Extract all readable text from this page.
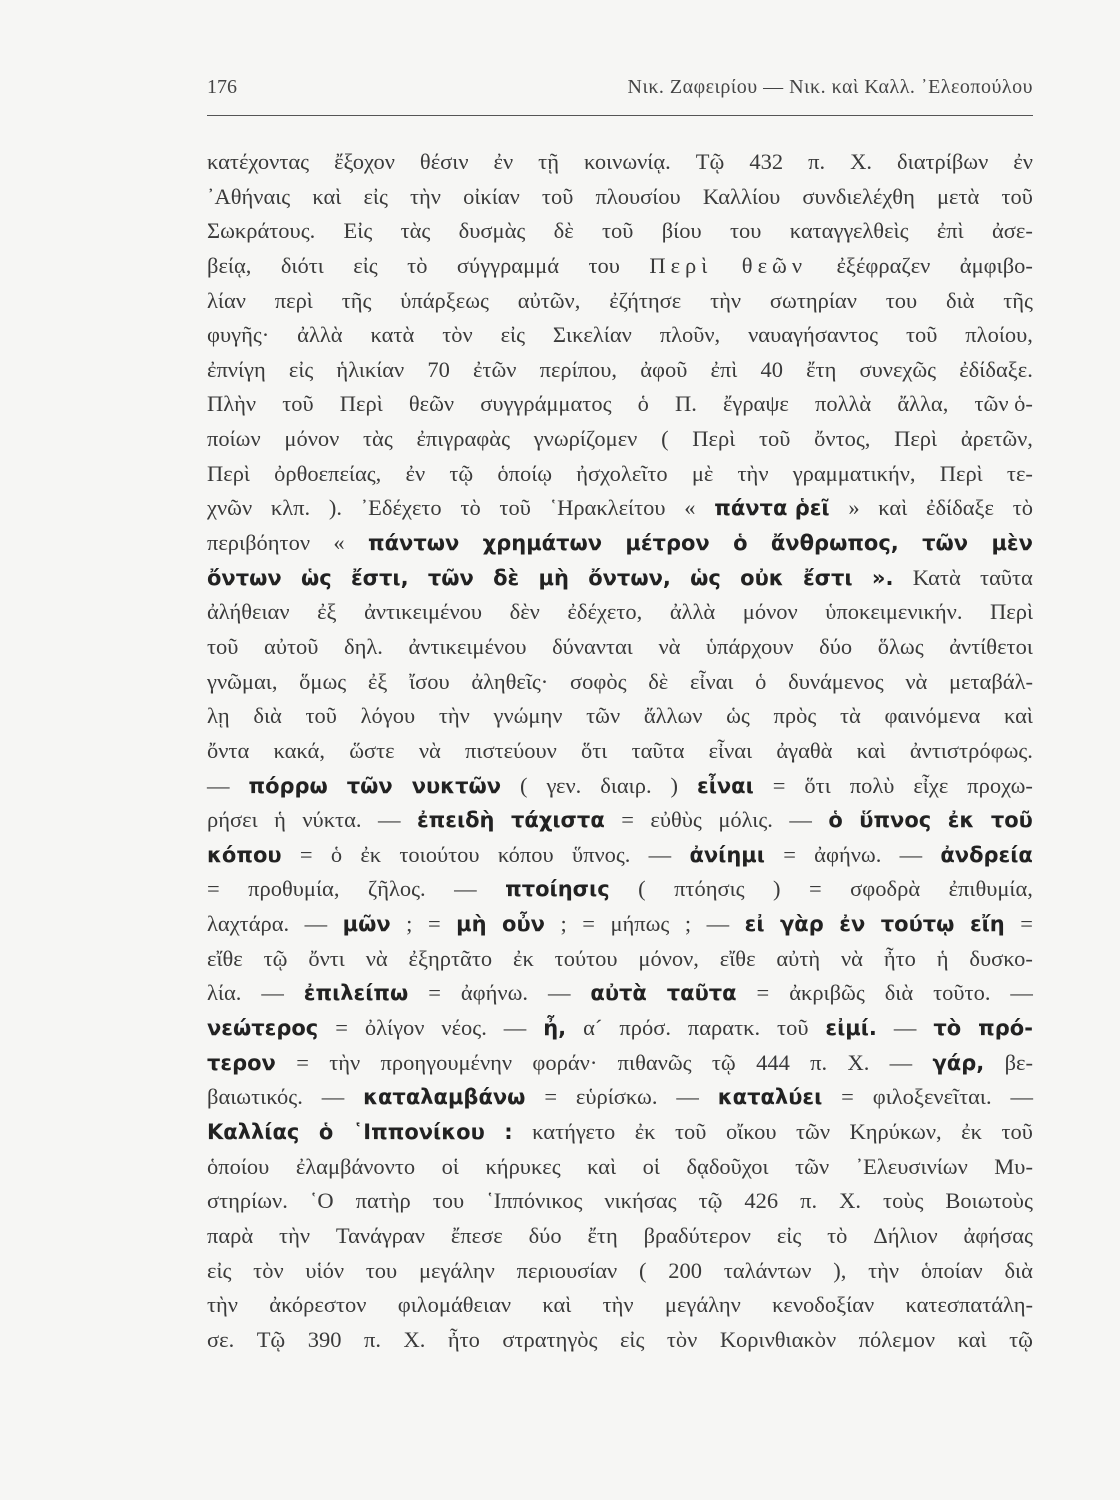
176	Νικ. Ζαφειρίου — Νικ. καὶ Καλλ. ᾿Ελεοπούλου
κατέχοντας ἔξοχον θέσιν ἐν τῇ κοινωνίᾳ. Τῷ 432 π. Χ. διατρίβων ἐν
᾿Αθήναις καὶ εἰς τὴν οἰκίαν τοῦ πλουσίου Καλλίου συνδιελέχθη μετὰ τοῦ
Σωκράτους. Εἰς τὰς δυσμὰς δὲ τοῦ βίου του καταγγελθεὶς ἐπὶ ἀσε-
βείᾳ, διότι εἰς τὸ σύγγραμμά του Περὶ θεῶν ἐξέφραζεν ἀμφιβο-
λίαν περὶ τῆς ὑπάρξεως αὐτῶν, ἐζήτησε τὴν σωτηρίαν του διὰ τῆς
φυγῆς· ἀλλὰ κατὰ τὸν εἰς Σικελίαν πλοῦν, ναυαγήσαντος τοῦ πλοίου,
ἐπνίγη εἰς ἡλικίαν 70 ἐτῶν περίπου, ἀφοῦ ἐπὶ 40 ἔτη συνεχῶς ἐδίδαξε.
Πλὴν τοῦ Περὶ θεῶν συγγράμματος ὁ Π. ἔγραψε πολλὰ ἄλλα, τῶν ὁ-
ποίων μόνον τὰς ἐπιγραφὰς γνωρίζομεν ( Περὶ τοῦ ὄντος, Περὶ ἀρετῶν,
Περὶ ὀρθοεπείας, ἐν τῷ ὁποίῳ ἠσχολεῖτο μὲ τὴν γραμματικήν, Περὶ τε-
χνῶν κλπ. ). ᾿Εδέχετο τὸ τοῦ ῾Ηρακλείτου « πάντα ῥεῖ » καὶ ἐδίδαξε τὸ
περιβόητον « πάντων χρημάτων μέτρον ὁ ἄνθρωπος, τῶν μὲν
ὄντων ὡς ἔστι, τῶν δὲ μὴ ὄντων, ὡς οὐκ ἔστι ». Κατὰ ταῦτα
ἀλήθειαν ἐξ ἀντικειμένου δὲν ἐδέχετο, ἀλλὰ μόνον ὑποκειμενικήν. Περὶ
τοῦ αὐτοῦ δηλ. ἀντικειμένου δύνανται νὰ ὑπάρχουν δύο ὅλως ἀντίθετοι
γνῶμαι, ὅμως ἐξ ἴσου ἀληθεῖς· σοφὸς δὲ εἶναι ὁ δυνάμενος νὰ μεταβάλ-
λῃ διὰ τοῦ λόγου τὴν γνώμην τῶν ἄλλων ὡς πρὸς τὰ φαινόμενα καὶ
ὄντα κακά, ὥστε νὰ πιστεύουν ὅτι ταῦτα εἶναι ἀγαθὰ καὶ ἀντιστρόφως.
— πόρρω τῶν νυκτῶν ( γεν. διαιρ. ) εἶναι = ὅτι πολὺ εἶχε προχω-
ρήσει ἡ νύκτα. — ἐπειδὴ τάχιστα = εὐθὺς μόλις. — ὁ ὕπνος ἐκ τοῦ
κόπου = ὁ ἐκ τοιούτου κόπου ὕπνος. — ἀνίημι = ἀφήνω. — ἀνδρεία
= προθυμία, ζῆλος. — πτοίησις ( πτόησις ) = σφοδρὰ ἐπιθυμία,
λαχτάρα. — μῶν ; = μὴ οὖν ; = μήπως ; — εἰ γὰρ ἐν τούτῳ εἴη =
εἴθε τῷ ὄντι νὰ ἐξηρτᾶτο ἐκ τούτου μόνον, εἴθε αὐτὴ νὰ ἦτο ἡ δυσκο-
λία. — ἐπιλείπω = ἀφήνω. — αὐτὰ ταῦτα = ἀκριβῶς διὰ τοῦτο. —
νεώτερος = ὀλίγον νέος. — ἦ, α´ πρόσ. παρατκ. τοῦ εἰμί. — τὸ πρό-
τερον = τὴν προηγουμένην φοράν· πιθανῶς τῷ 444 π. Χ. — γάρ, βε-
βαιωτικός. — καταλαμβάνω = εὑρίσκω. — καταλύει = φιλοξενεῖται. —
Καλλίας ὁ ῾Ιππονίκου : κατήγετο ἐκ τοῦ οἴκου τῶν Κηρύκων, ἐκ τοῦ
ὁποίου ἐλαμβάνοντο οἱ κήρυκες καὶ οἱ δᾳδοῦχοι τῶν ᾿Ελευσινίων Μυ-
στηρίων. ῾Ο πατὴρ του ῾Ιππόνικος νικήσας τῷ 426 π. Χ. τοὺς Βοιωτοὺς
παρὰ τὴν Τανάγραν ἔπεσε δύο ἔτη βραδύτερον εἰς τὸ Δήλιον ἀφήσας
εἰς τὸν υἱόν του μεγάλην περιουσίαν ( 200 ταλάντων ), τὴν ὁποίαν διὰ
τὴν ἀκόρεστον φιλομάθειαν καὶ τὴν μεγάλην κενοδοξίαν κατεσπατάλη-
σε. Τῷ 390 π. Χ. ἦτο στρατηγὸς εἰς τὸν Κορινθιακὸν πόλεμον καὶ τῷ
